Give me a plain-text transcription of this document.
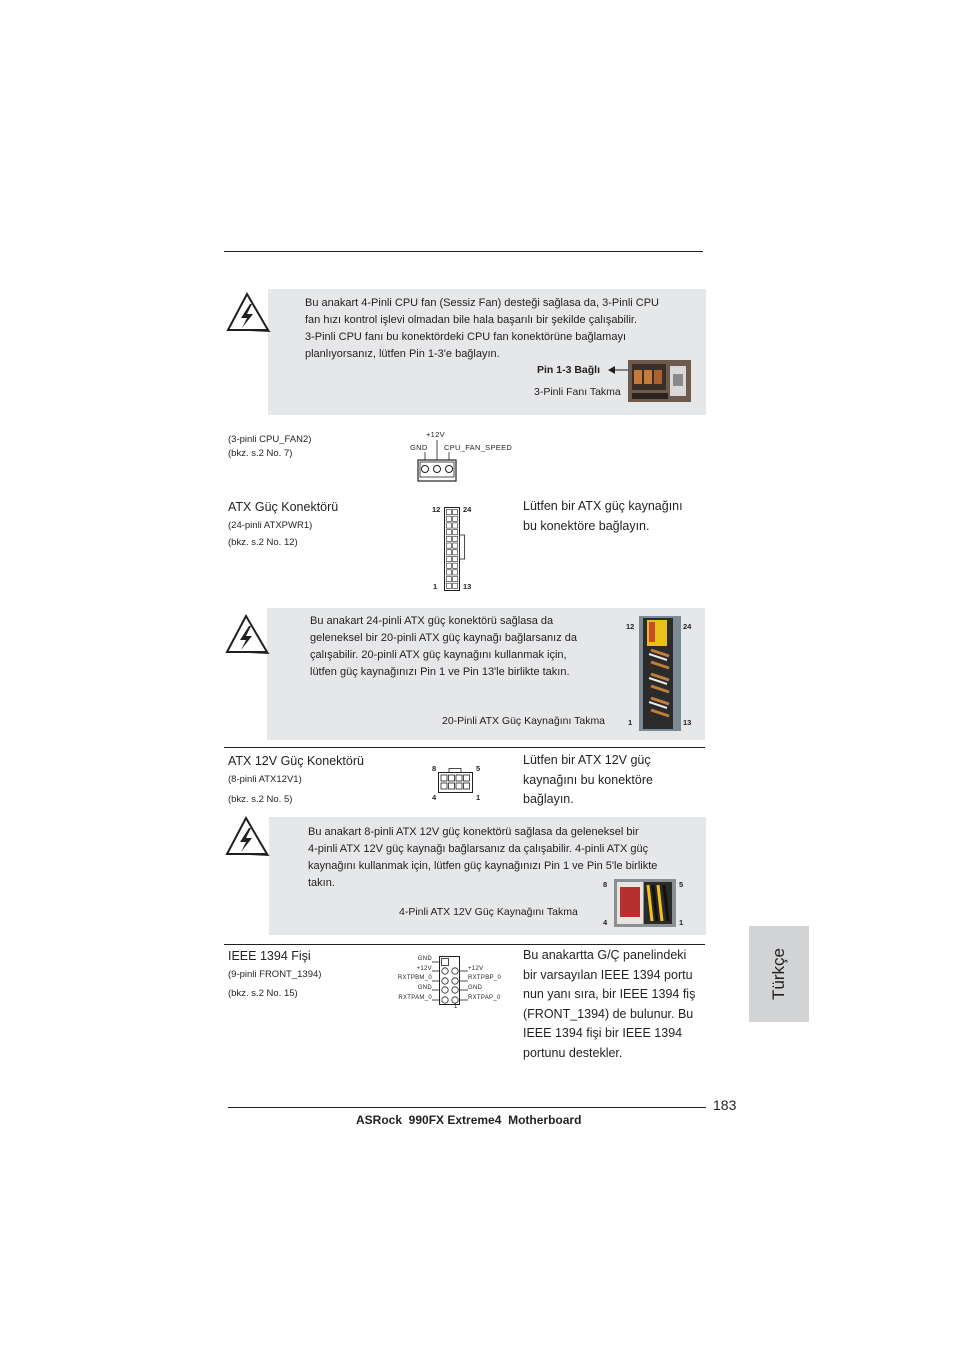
Bu anakart 4-Pinli CPU fan (Sessiz Fan) desteği sağlasa da, 3-Pinli CPU
fan hızı kontrol işlevi olmadan bile hala başarılı bir şekilde çalışabilir.
3-Pinli CPU fanı bu konektördeki CPU fan konektörüne bağlamayı
planlıyorsanız, lütfen Pin 1-3'e bağlayın.
Pin 1-3 Bağlı
3-Pinli Fanı Takma
(3-pinli CPU_FAN2)
(bkz. s.2 No. 7)
+12V
GND CPU_FAN_SPEED
ATX Güç Konektörü
(24-pinli ATXPWR1)
(bkz. s.2 No. 12)
Lütfen bir ATX güç kaynağını
bu konektöre bağlayın.
12	24
1	13
Bu anakart 24-pinli ATX güç konektörü sağlasa da
geleneksel bir 20-pinli ATX güç kaynağı bağlarsanız da
çalışabilir. 20-pinli ATX güç kaynağını kullanmak için,
lütfen güç kaynağınızı Pin 1 ve Pin 13'le birlikte takın.
20-Pinli ATX Güç Kaynağını Takma
12	24
1	13
ATX 12V Güç Konektörü
(8-pinli ATX12V1)
(bkz. s.2 No. 5)
Lütfen bir ATX 12V güç
kaynağını bu konektöre
bağlayın.
8	5
4	1
Bu anakart 8-pinli ATX 12V güç konektörü sağlasa da geleneksel bir
4-pinli ATX 12V güç kaynağı bağlarsanız da çalışabilir. 4-pinli ATX güç
kaynağını kullanmak için, lütfen güç kaynağınızı Pin 1 ve Pin 5'le birlikte
takın.
4-Pinli ATX 12V Güç Kaynağını Takma
8	5
4	1
IEEE 1394 Fişi
(9-pinli FRONT_1394)
(bkz. s.2 No. 15)
Bu anakartta G/Ç panelindeki
bir varsayılan IEEE 1394 portu
nun yanı sıra, bir IEEE 1394 fiş
(FRONT_1394) de bulunur. Bu
IEEE 1394 fişi bir IEEE 1394
portunu destekler.
GND
+12V
RXTPBM_0
GND
RXTPAM_0
+12V
RXTPBP_0
GND
RXTPAP_0
1
Türkçe
183
ASRock  990FX Extreme4  Motherboard
